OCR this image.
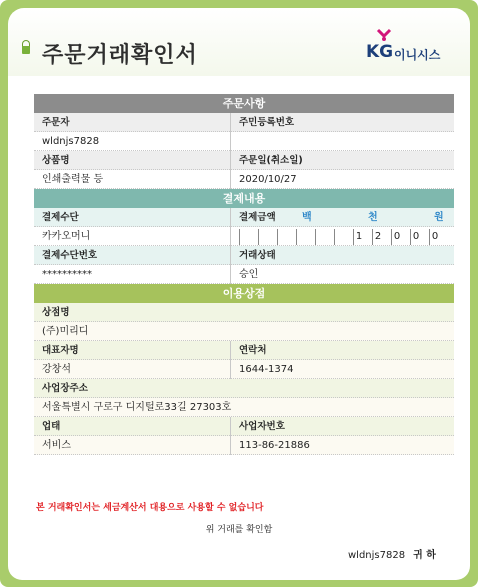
주문거래확인서	KG 이니시스
주문사항
주문자	주민등록번호
wldnjs7828
상품명	주문일(취소일)
인쇄출력물 등	2020/10/27
결제내용
결제수단	결제금액	백	천	원
카카오머니	1 2 0 0 0
결제수단번호	거래상태
**********	승인
이용상점
상점명
(주)미리디
대표자명	연락처
강창석	1644-1374
사업장주소
서울특별시 구로구 디지털로33길 27303호
업태	사업자번호
서비스	113-86-21886
본 거래확인서는 세금계산서 대용으로 사용할 수 없습니다
위 거래를 확인함
wldnjs7828 귀 하
